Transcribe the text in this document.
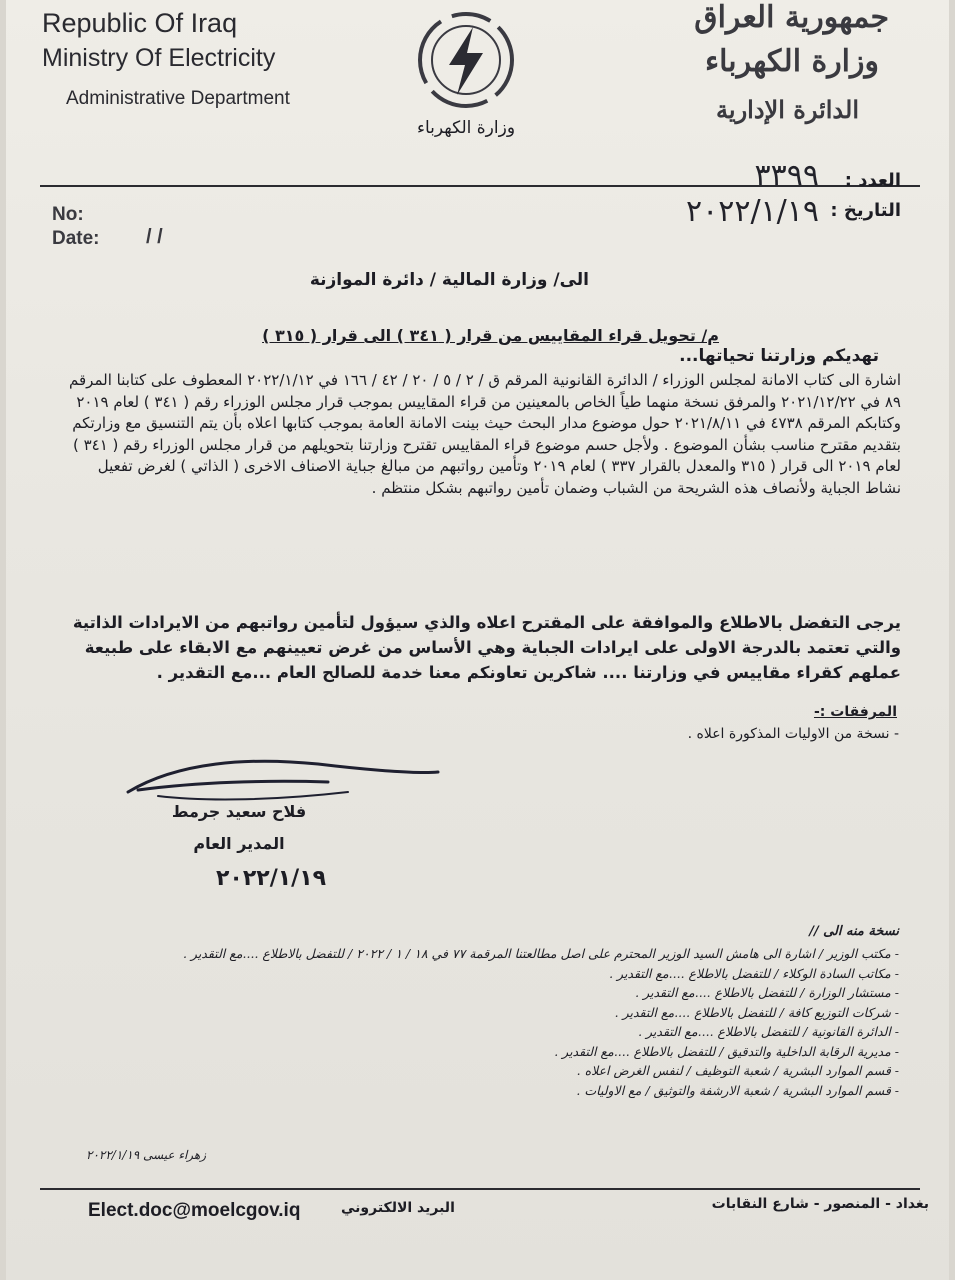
Republic Of Iraq
Ministry Of Electricity
Administrative Department
وزارة الكهرباء
جمهورية العراق
وزارة الكهرباء
الدائرة الإدارية
العدد :
٣٣٩٩
التاريخ :
٢٠٢٢/١/١٩
No:
Date: / /
الى/ وزارة المالية / دائرة الموازنة
م/ تحويل قراء المقاييس من قرار ( ٣٤١ ) الى قرار ( ٣١٥ )
تهديكم وزارتنا تحياتها...
اشارة الى كتاب الامانة لمجلس الوزراء / الدائرة القانونية المرقم ق / ٢ / ٥ / ٢٠ / ٤٢ / ١٦٦ في ٢٠٢٢/١/١٢ المعطوف على كتابنا المرقم ٨٩ في ٢٠٢١/١٢/٢٢ والمرفق نسخة منهما طياً الخاص بالمعينين من قراء المقاييس بموجب قرار مجلس الوزراء رقم ( ٣٤١ ) لعام ٢٠١٩ وكتابكم المرقم ٤٧٣٨ في ٢٠٢١/٨/١١ حول موضوع مدار البحث حيث بينت الامانة العامة بموجب كتابها اعلاه بأن يتم التنسيق مع وزارتكم بتقديم مقترح مناسب بشأن الموضوع . ولأجل حسم موضوع قراء المقاييس تقترح وزارتنا بتحويلهم من قرار مجلس الوزراء رقم ( ٣٤١ ) لعام ٢٠١٩ الى قرار ( ٣١٥ والمعدل بالقرار ٣٣٧ ) لعام ٢٠١٩ وتأمين رواتبهم من مبالغ جباية الاصناف الاخرى ( الذاتي ) لغرض تفعيل نشاط الجباية ولأنصاف هذه الشريحة من الشباب وضمان تأمين رواتبهم بشكل منتظم .
يرجى التفضل بالاطلاع والموافقة على المقترح اعلاه والذي سيؤول لتأمين رواتبهم من الايرادات الذاتية والتي تعتمد بالدرجة الاولى على ايرادات الجباية وهي الأساس من غرض تعيينهم مع الابقاء على طبيعة عملهم كقراء مقاييس في وزارتنا .... شاكرين تعاونكم معنا خدمة للصالح العام ...مع التقدير .
المرفقات :-
- نسخة من الاوليات المذكورة اعلاه .
فلاح سعيد جرمط
المدير العام
٢٠٢٢/١/١٩
نسخة منه الى //
- مكتب الوزير / اشارة الى هامش السيد الوزير المحترم على اصل مطالعتنا المرقمة ٧٧ في ١٨ / ١ / ٢٠٢٢ / للتفضل بالاطلاع ....مع التقدير .
- مكاتب السادة الوكلاء / للتفضل بالاطلاع ....مع التقدير .
- مستشار الوزارة / للتفضل بالاطلاع ....مع التقدير .
- شركات التوزيع كافة / للتفضل بالاطلاع ....مع التقدير .
- الدائرة القانونية / للتفضل بالاطلاع ....مع التقدير .
- مديرية الرقابة الداخلية والتدقيق / للتفضل بالاطلاع ....مع التقدير .
- قسم الموارد البشرية / شعبة التوظيف / لنفس الغرض اعلاه .
- قسم الموارد البشرية / شعبة الارشفة والتوثيق / مع الاوليات .
زهراء عيسى ٢٠٢٢/١/١٩
Elect.doc@moelcgov.iq	البريد الالكتروني	بغداد - المنصور - شارع النقابات
